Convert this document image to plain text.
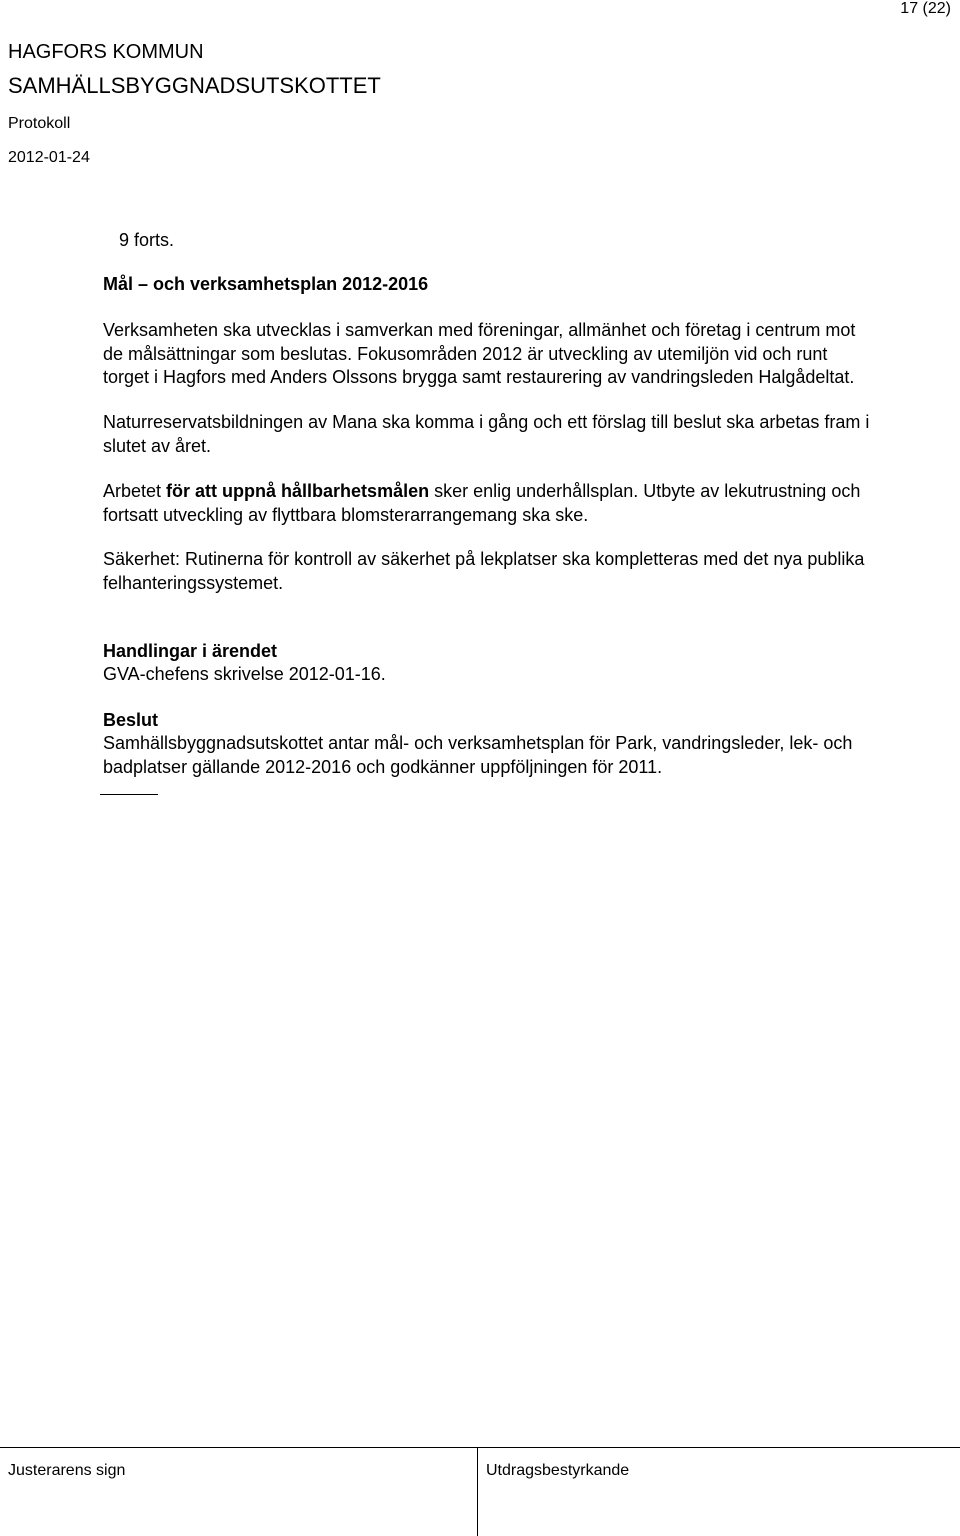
17 (22)
HAGFORS KOMMUN
SAMHÄLLSBYGGNADSUTSKOTTET
Protokoll
2012-01-24
9 forts.
Mål – och verksamhetsplan 2012-2016
Verksamheten ska utvecklas i samverkan med föreningar, allmänhet och företag i centrum mot
de målsättningar som beslutas. Fokusområden 2012 är utveckling av utemiljön vid och runt
torget i Hagfors med Anders Olssons brygga samt restaurering av vandringsleden Halgådeltat.
Naturreservatsbildningen av Mana ska komma i gång och ett förslag till beslut ska arbetas fram i
slutet av året.
Arbetet för att uppnå hållbarhetsmålen sker enlig underhållsplan. Utbyte av lekutrustning och
fortsatt utveckling av flyttbara blomsterarrangemang ska ske.
Säkerhet: Rutinerna för kontroll av säkerhet på lekplatser ska kompletteras med det nya publika
felhanteringssystemet.
Handlingar i ärendet
GVA-chefens skrivelse 2012-01-16.
Beslut
Samhällsbyggnadsutskottet antar mål- och verksamhetsplan för Park, vandringsleder, lek- och
badplatser gällande 2012-2016 och godkänner uppföljningen för 2011.
Justerarens sign	Utdragsbestyrkande
